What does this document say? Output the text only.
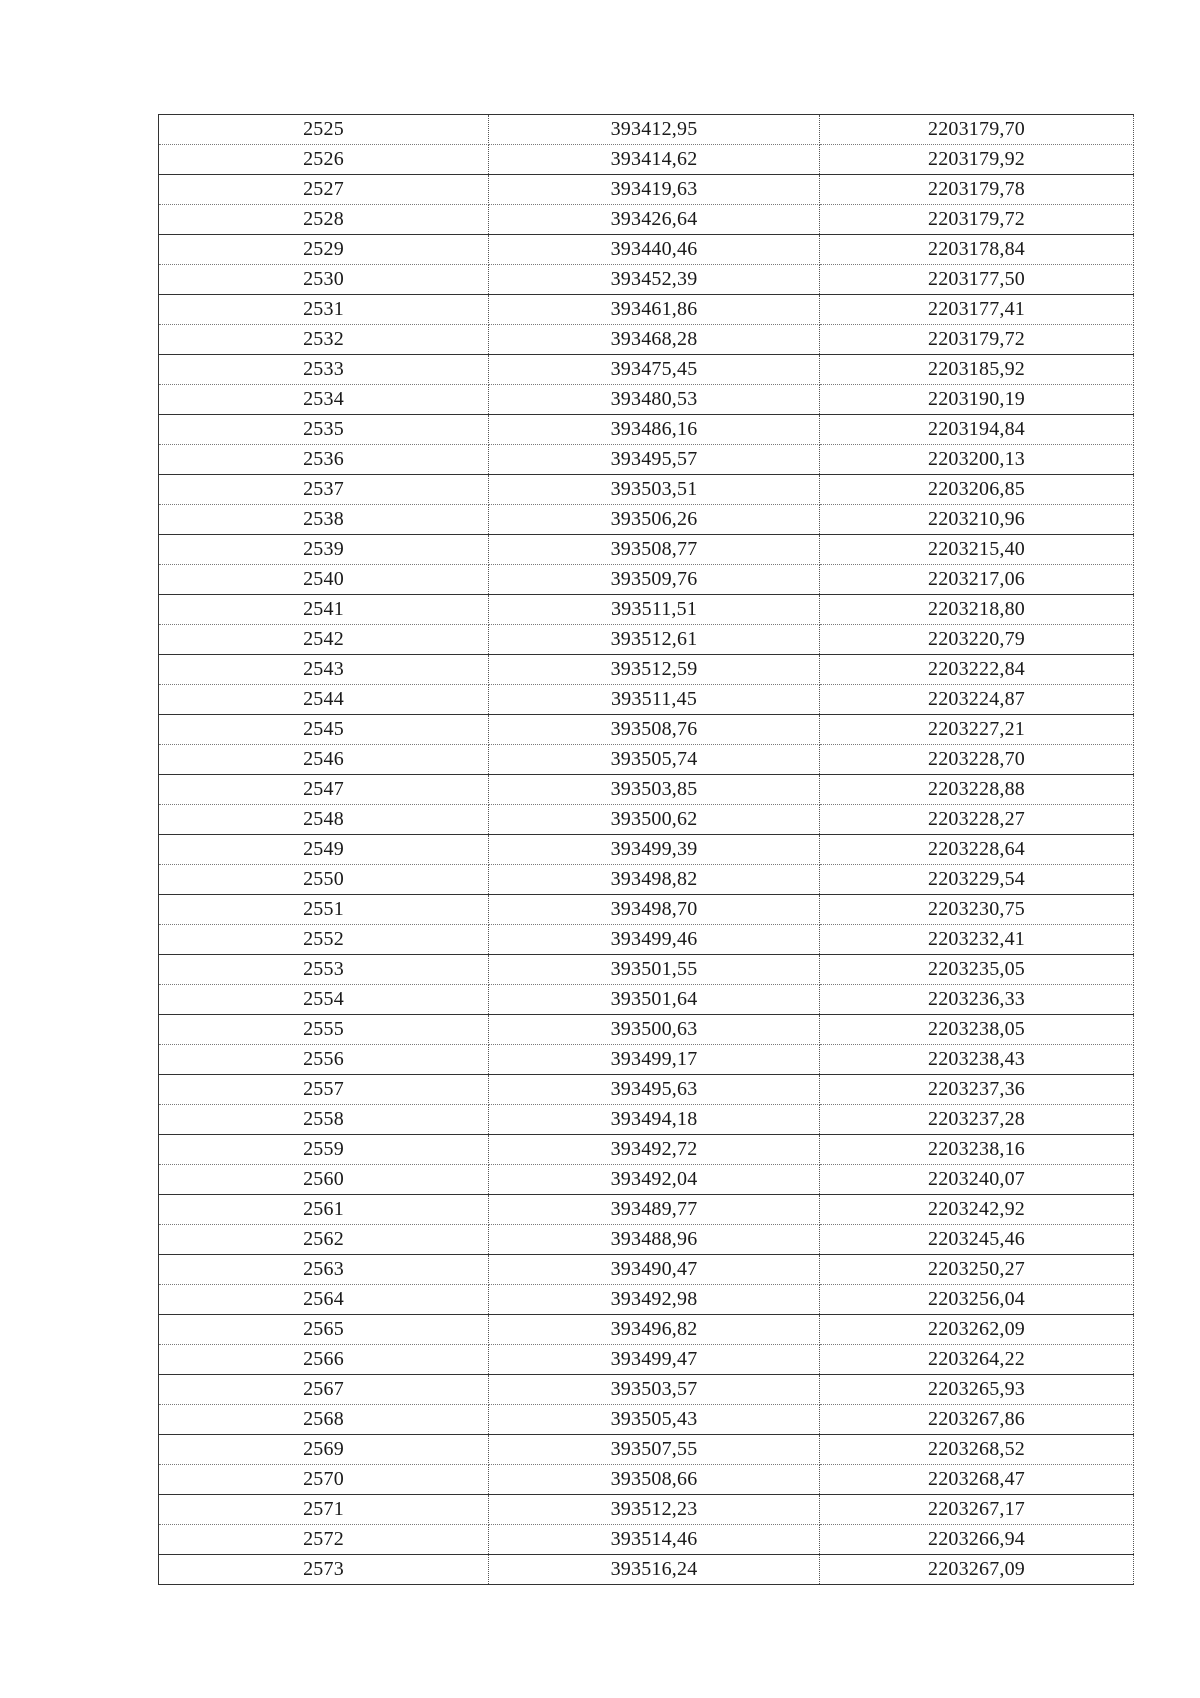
2525	393412,95	2203179,70
2526	393414,62	2203179,92
2527	393419,63	2203179,78
2528	393426,64	2203179,72
2529	393440,46	2203178,84
2530	393452,39	2203177,50
2531	393461,86	2203177,41
2532	393468,28	2203179,72
2533	393475,45	2203185,92
2534	393480,53	2203190,19
2535	393486,16	2203194,84
2536	393495,57	2203200,13
2537	393503,51	2203206,85
2538	393506,26	2203210,96
2539	393508,77	2203215,40
2540	393509,76	2203217,06
2541	393511,51	2203218,80
2542	393512,61	2203220,79
2543	393512,59	2203222,84
2544	393511,45	2203224,87
2545	393508,76	2203227,21
2546	393505,74	2203228,70
2547	393503,85	2203228,88
2548	393500,62	2203228,27
2549	393499,39	2203228,64
2550	393498,82	2203229,54
2551	393498,70	2203230,75
2552	393499,46	2203232,41
2553	393501,55	2203235,05
2554	393501,64	2203236,33
2555	393500,63	2203238,05
2556	393499,17	2203238,43
2557	393495,63	2203237,36
2558	393494,18	2203237,28
2559	393492,72	2203238,16
2560	393492,04	2203240,07
2561	393489,77	2203242,92
2562	393488,96	2203245,46
2563	393490,47	2203250,27
2564	393492,98	2203256,04
2565	393496,82	2203262,09
2566	393499,47	2203264,22
2567	393503,57	2203265,93
2568	393505,43	2203267,86
2569	393507,55	2203268,52
2570	393508,66	2203268,47
2571	393512,23	2203267,17
2572	393514,46	2203266,94
2573	393516,24	2203267,09
